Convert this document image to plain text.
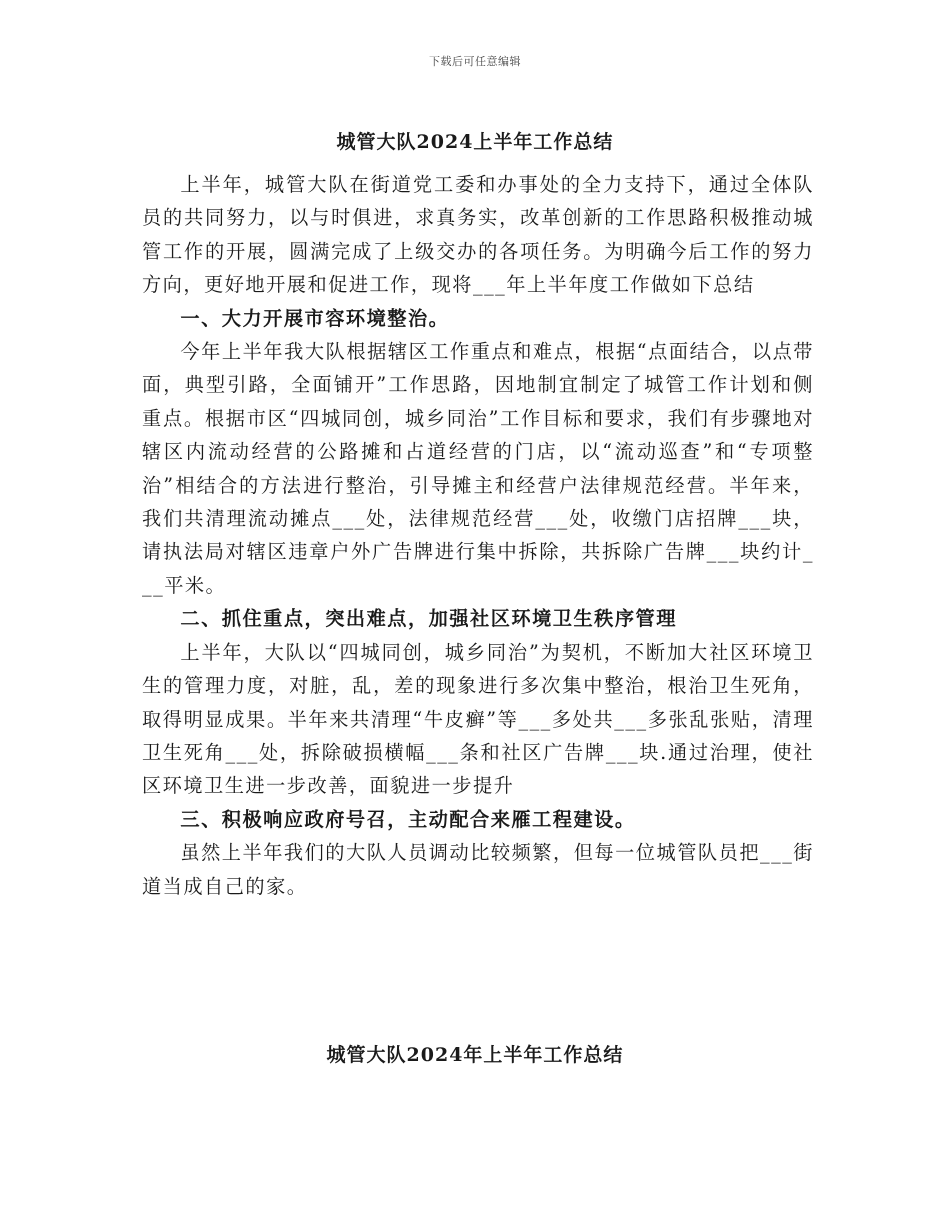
下载后可任意编辑
城管大队2024上半年工作总结

上半年，城管大队在街道党工委和办事处的全力支持下，通过全体队员的共同努力，以与时俱进，求真务实，改革创新的工作思路积极推动城管工作的开展，圆满完成了上级交办的各项任务。为明确今后工作的努力方向，更好地开展和促进工作，现将___年上半年度工作做如下总结

一、大力开展市容环境整治。

今年上半年我大队根据辖区工作重点和难点，根据“点面结合，以点带面，典型引路，全面铺开”工作思路，因地制宜制定了城管工作计划和侧重点。根据市区“四城同创，城乡同治”工作目标和要求，我们有步骤地对辖区内流动经营的公路摊和占道经营的门店，以“流动巡查”和“专项整治”相结合的方法进行整治，引导摊主和经营户法律规范经营。半年来，我们共清理流动摊点___处，法律规范经营___处，收缴门店招牌___块，请执法局对辖区违章户外广告牌进行集中拆除，共拆除广告牌___块约计___平米。

二、抓住重点，突出难点，加强社区环境卫生秩序管理

上半年，大队以“四城同创，城乡同治”为契机，不断加大社区环境卫生的管理力度，对脏，乱，差的现象进行多次集中整治，根治卫生死角，取得明显成果。半年来共清理“牛皮癣”等___多处共___多张乱张贴，清理卫生死角___处，拆除破损横幅___条和社区广告牌___块.通过治理，使社区环境卫生进一步改善，面貌进一步提升

三、积极响应政府号召，主动配合来雁工程建设。

虽然上半年我们的大队人员调动比较频繁，但每一位城管队员把___街道当成自己的家。

城管大队2024年上半年工作总结
